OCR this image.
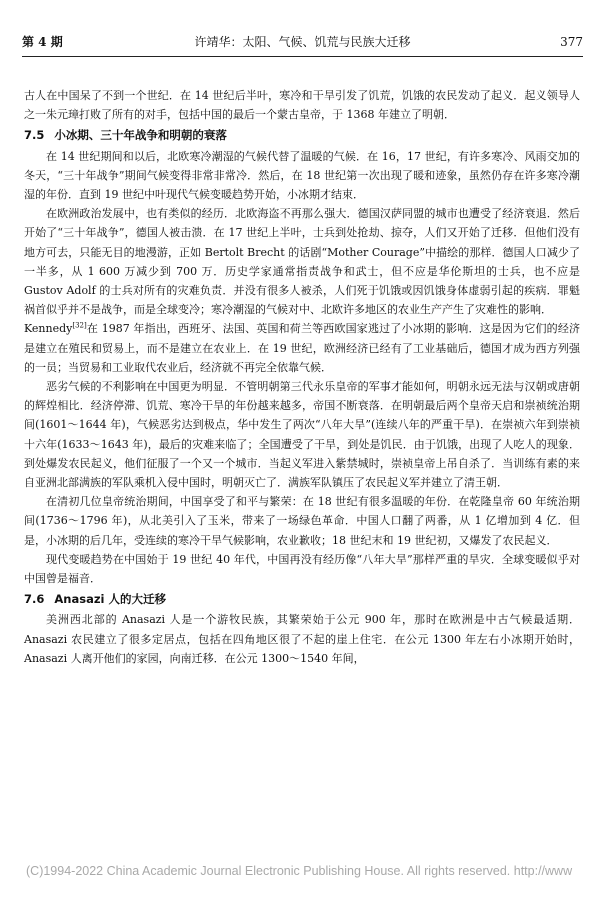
第 4 期	许靖华：太阳、气候、饥荒与民族大迁移	377

古人在中国呆了不到一个世纪．在 14 世纪后半叶，寒冷和干旱引发了饥荒，饥饿的农民发动了起义．起义领导人之一朱元璋打败了所有的对手，包括中国的最后一个蒙古皇帝，于 1368 年建立了明朝．

7.5 小冰期、三十年战争和明朝的衰落

在 14 世纪期间和以后，北欧寒冷潮湿的气候代替了温暖的气候．在 16，17 世纪，有许多寒冷、风雨交加的冬天，“三十年战争”期间气候变得非常非常冷．然后，在 18 世纪第一次出现了暖和迹象，虽然仍存在许多寒冷潮湿的年份．直到 19 世纪中叶现代气候变暖趋势开始，小冰期才结束．

在欧洲政治发展中，也有类似的经历．北欧海盗不再那么强大．德国汉萨同盟的城市也遭受了经济衰退．然后开始了“三十年战争”，德国人被击溃．在 17 世纪上半叶，士兵到处抢劫、掠夺，人们又开始了迁移．但他们没有地方可去，只能无目的地漫游，正如 Bertolt Brecht 的话剧“Mother Courage”中描绘的那样．德国人口减少了一半多，从 1 600 万减少到 700 万．历史学家通常指责战争和武士，但不应是华伦斯坦的士兵，也不应是 Gustov Adolf 的士兵对所有的灾难负责．并没有很多人被杀，人们死于饥饿或因饥饿身体虚弱引起的疾病．罪魁祸首似乎并不是战争，而是全球变冷；寒冷潮湿的气候对中、北欧许多地区的农业生产产生了灾难性的影响．

Kennedy[32]在 1987 年指出，西班牙、法国、英国和荷兰等西欧国家逃过了小冰期的影响．这是因为它们的经济是建立在殖民和贸易上，而不是建立在农业上．在 19 世纪，欧洲经济已经有了工业基础后，德国才成为西方列强的一员；当贸易和工业取代农业后，经济就不再完全依靠气候．

恶劣气候的不利影响在中国更为明显．不管明朝第三代永乐皇帝的军事才能如何，明朝永远无法与汉朝或唐朝的辉煌相比．经济停滞、饥荒、寒冷干旱的年份越来越多，帝国不断衰落．在明朝最后两个皇帝天启和崇祯统治期间(1601～1644 年)，气候恶劣达到极点，华中发生了两次“八年大旱”(连续八年的严重干旱)．在崇祯六年到崇祯十六年(1633～1643 年)，最后的灾难来临了；全国遭受了干旱，到处是饥民．由于饥饿，出现了人吃人的现象．到处爆发农民起义，他们征服了一个又一个城市．当起义军进入紫禁城时，崇祯皇帝上吊自杀了．当训练有素的来自亚洲北部满族的军队乘机入侵中国时，明朝灭亡了．满族军队镇压了农民起义军并建立了清王朝．

在清初几位皇帝统治期间，中国享受了和平与繁荣：在 18 世纪有很多温暖的年份．在乾隆皇帝 60 年统治期间(1736～1796 年)，从北美引入了玉米，带来了一场绿色革命．中国人口翻了两番，从 1 亿增加到 4 亿．但是，小冰期的后几年，受连续的寒冷干旱气候影响，农业歉收；18 世纪末和 19 世纪初，又爆发了农民起义．

现代变暖趋势在中国始于 19 世纪 40 年代，中国再没有经历像“八年大旱”那样严重的旱灾．全球变暖似乎对中国曾是福音．

7.6 Anasazi 人的大迁移

美洲西北部的 Anasazi 人是一个游牧民族，其繁荣始于公元 900 年，那时在欧洲是中古气候最适期．Anasazi 农民建立了很多定居点，包括在四角地区很了不起的崖上住宅．在公元 1300 年左右小冰期开始时，Anasazi 人离开他们的家园，向南迁移．在公元 1300～1540 年间，

(C)1994-2022 China Academic Journal Electronic Publishing House. All rights reserved. http://www
